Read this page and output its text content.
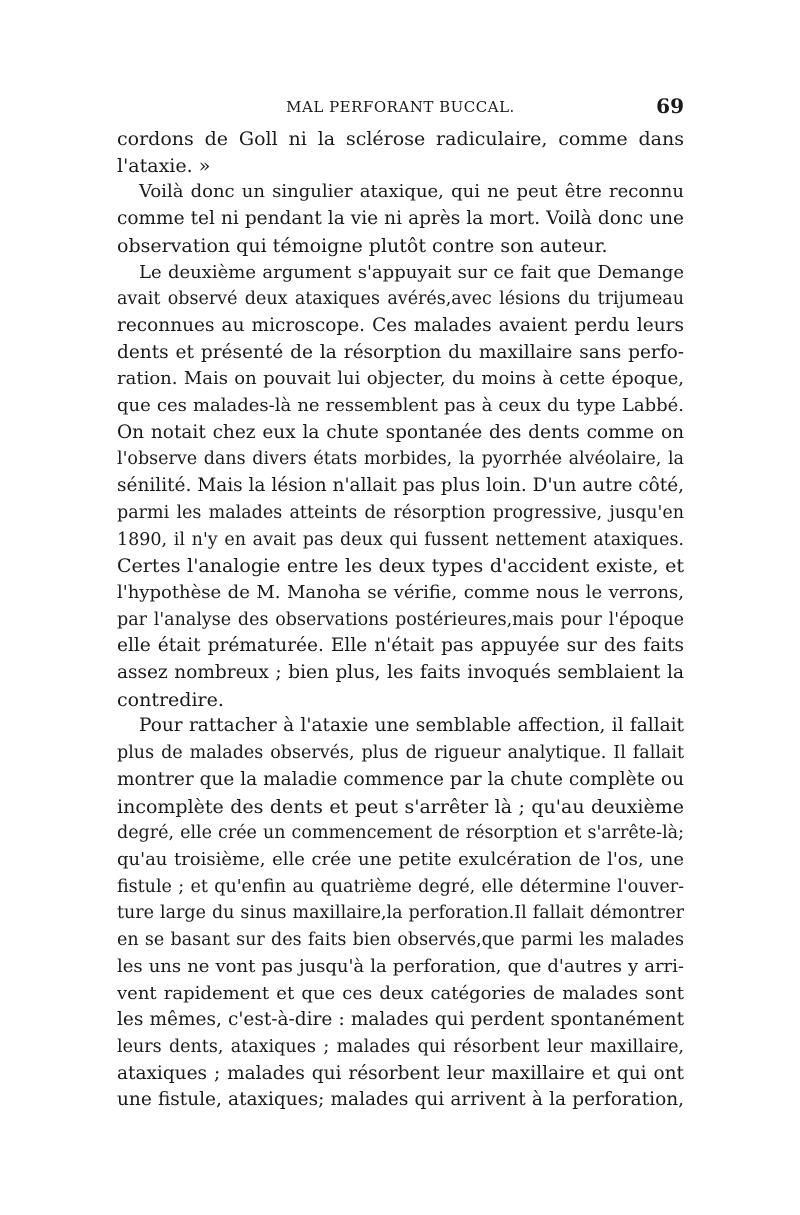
MAL PERFORANT BUCCAL.	69
cordons de Goll ni la sclérose radiculaire, comme dans
l'ataxie. »
Voilà donc un singulier ataxique, qui ne peut être reconnu
comme tel ni pendant la vie ni après la mort. Voilà donc une
observation qui témoigne plutôt contre son auteur.
Le deuxième argument s'appuyait sur ce fait que Demange
avait observé deux ataxiques avérés,avec lésions du trijumeau
reconnues au microscope. Ces malades avaient perdu leurs
dents et présenté de la résorption du maxillaire sans perfo-
ration. Mais on pouvait lui objecter, du moins à cette époque,
que ces malades-là ne ressemblent pas à ceux du type Labbé.
On notait chez eux la chute spontanée des dents comme on
l'observe dans divers états morbides, la pyorrhée alvéolaire, la
sénilité. Mais la lésion n'allait pas plus loin. D'un autre côté,
parmi les malades atteints de résorption progressive, jusqu'en
1890, il n'y en avait pas deux qui fussent nettement ataxiques.
Certes l'analogie entre les deux types d'accident existe, et
l'hypothèse de M. Manoha se vérifie, comme nous le verrons,
par l'analyse des observations postérieures,mais pour l'époque
elle était prématurée. Elle n'était pas appuyée sur des faits
assez nombreux ; bien plus, les faits invoqués semblaient la
contredire.
Pour rattacher à l'ataxie une semblable affection, il fallait
plus de malades observés, plus de rigueur analytique. Il fallait
montrer que la maladie commence par la chute complète ou
incomplète des dents et peut s'arrêter là ; qu'au deuxième
degré, elle crée un commencement de résorption et s'arrête-là;
qu'au troisième, elle crée une petite exulcération de l'os, une
fistule ; et qu'enfin au quatrième degré, elle détermine l'ouver-
ture large du sinus maxillaire,la perforation.Il fallait démontrer
en se basant sur des faits bien observés,que parmi les malades
les uns ne vont pas jusqu'à la perforation, que d'autres y arri-
vent rapidement et que ces deux catégories de malades sont
les mêmes, c'est-à-dire : malades qui perdent spontanément
leurs dents, ataxiques ; malades qui résorbent leur maxillaire,
ataxiques ; malades qui résorbent leur maxillaire et qui ont
une fistule, ataxiques; malades qui arrivent à la perforation,
